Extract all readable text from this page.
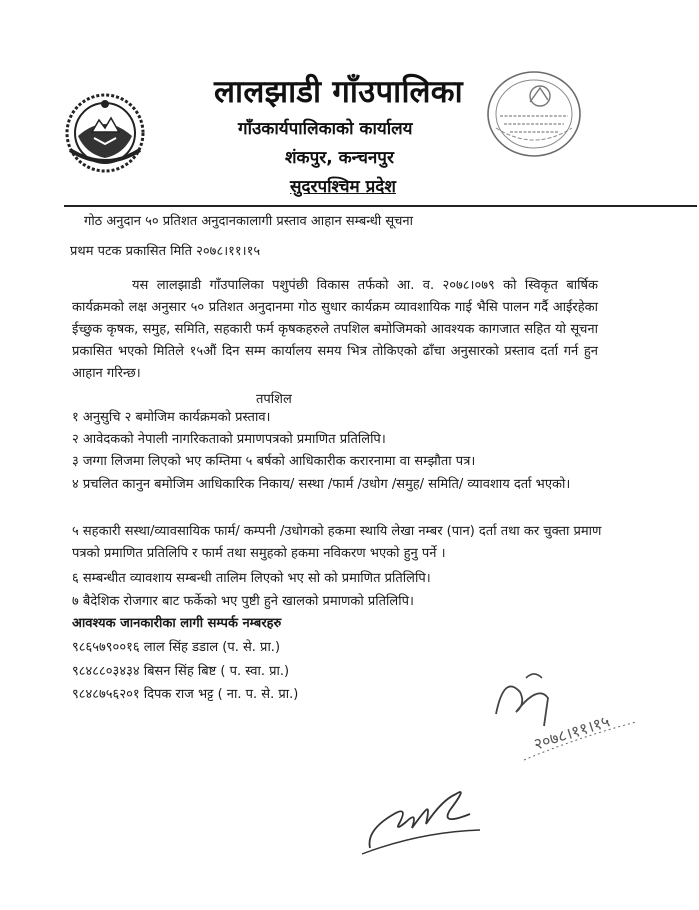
लालझाडी गाँउपालिका
गाँउकार्यपालिकाको कार्यालय
शंकपुर, कन्चनपुर
सुदरपश्चिम प्रदेश
गोठ अनुदान ५० प्रतिशत अनुदानकालागी प्रस्ताव आहान सम्बन्धी सूचना
प्रथम पटक प्रकासित मिति २०७८।११।१५
यस लालझाडी गाँउपालिका पशुपंछी विकास तर्फको आ. व. २०७८।०७९ को स्विकृत बार्षिक कार्यक्रमको लक्ष अनुसार ५० प्रतिशत अनुदानमा गोठ सुधार कार्यक्रम व्यावशायिक गाई भैसि पालन गर्दै आईरहेका ईच्छुक कृषक, समुह, समिति, सहकारी फर्म कृषकहरुले तपशिल बमोजिमको आवश्यक कागजात सहित यो सूचना प्रकासित भएको मितिले १५औं दिन सम्म कार्यालय समय भित्र तोकिएको ढाँचा अनुसारको प्रस्ताव दर्ता गर्न हुन आहान गरिन्छ।
तपशिल
१ अनुसुचि २ बमोजिम कार्यक्रमको प्रस्ताव।
२ आवेदकको नेपाली नागरिकताको प्रमाणपत्रको प्रमाणित प्रतिलिपि।
३ जग्गा लिजमा लिएको भए कम्तिमा ५ बर्षको आधिकारीक करारनामा वा सम्झौता पत्र।
४ प्रचलित कानुन बमोजिम आधिकारिक निकाय/ सस्था /फार्म /उधोग /समुह/ समिति/ व्यावशाय दर्ता भएको।
५ सहकारी सस्था/व्यावसायिक फार्म/ कम्पनी /उधोगको हकमा स्थायि लेखा नम्बर (पान) दर्ता तथा कर चुक्ता प्रमाण पत्रको प्रमाणित प्रतिलिपि र फार्म तथा समुहको हकमा नविकरण भएको हुनु पर्ने ।
६ सम्बन्धीत व्यावशाय सम्बन्धी तालिम लिएको भए सो को प्रमाणित प्रतिलिपि।
७ बैदेशिक रोजगार बाट फर्केको भए पुष्टी हुने खालको प्रमाणको प्रतिलिपि।
आवश्यक जानकारीका लागी सम्पर्क नम्बरहरु
९८६५७९००१६ लाल सिंह डडाल (प. से. प्रा.)
९८४८८०३४३४ बिसन सिंह बिष्ट ( प. स्वा. प्रा.)
९८४८७५६२०१ दिपक राज भट्ट ( ना. प. से. प्रा.)
२०७८।११।१५
